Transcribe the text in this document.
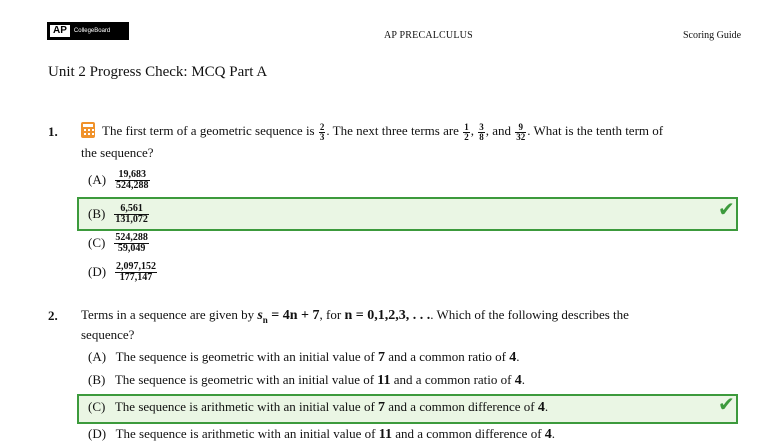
AP	CollegeBoard	AP PRECALCULUS	Scoring Guide
Unit 2 Progress Check: MCQ Part A
1.	The first term of a geometric sequence is $\frac{2}{3}$ . The next three terms are $\frac{1}{2}$ , $\frac{3}{8}$ , and $\frac{9}{32}$ . What is the tenth term of
the sequence?
$(A) \frac{19,683}{524,288}$
$(B) \frac{6,561}{131,072}$	✔
$(C) \frac{524,288}{59,049}$
$(D) \frac{2,097,152}{177,147}$
2. Terms in a sequence are given by $s_n = 4n + 7$, for n = 0,1,2,3, . . .. Which of the following describes the
sequence?
(A) The sequence is geometric with an initial value of 7 and a common ratio of 4.
(B) The sequence is geometric with an initial value of 11 and a common ratio of 4.
(C) The sequence is arithmetic with an initial value of 7 and a common difference of 4.	✔
(D) The sequence is arithmetic with an initial value of 11 and a common difference of 4.
